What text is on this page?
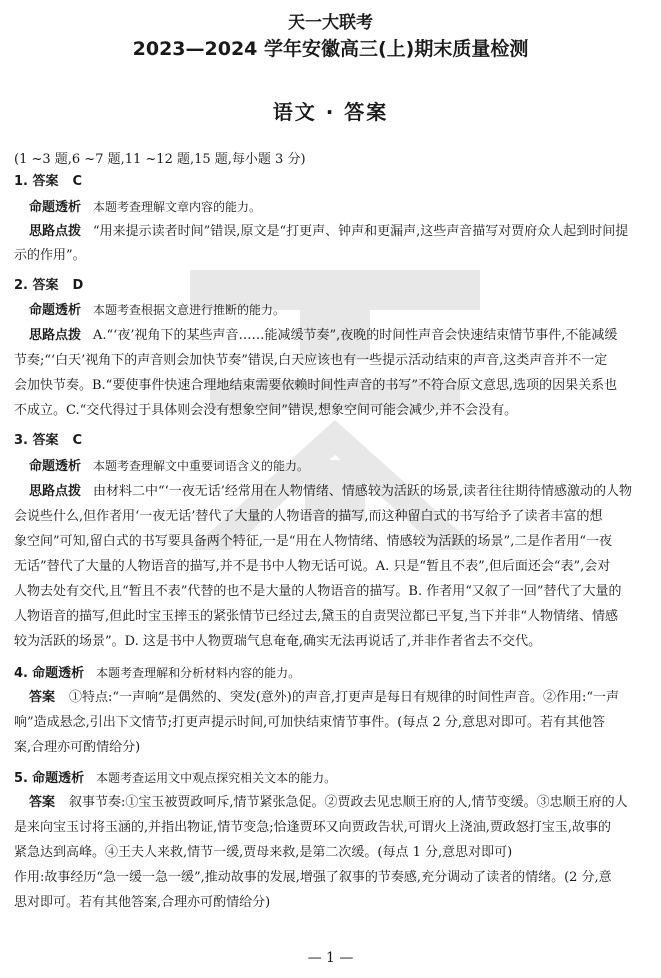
天一大联考
2023—2024 学年安徽高三(上)期末质量检测
语文 · 答案
(1 ~3 题,6 ~7 题,11 ~12 题,15 题,每小题 3 分)
1. 答案 C
命题透析 本题考查理解文章内容的能力。
思路点拨 “用来提示读者时间”错误,原文是“打更声、钟声和更漏声,这些声音描写对贾府众人起到时间提
示的作用”。
2. 答案 D
命题透析 本题考查根据文意进行推断的能力。
思路点拨 A.“‘夜’视角下的某些声音……能减缓节奏”,夜晚的时间性声音会快速结束情节事件,不能减缓
节奏;“‘白天’视角下的声音则会加快节奏”错误,白天应该也有一些提示活动结束的声音,这类声音并不一定
会加快节奏。B.“要使事件快速合理地结束需要依赖时间性声音的书写”不符合原文意思,选项的因果关系也
不成立。C.“交代得过于具体则会没有想象空间”错误,想象空间可能会减少,并不会没有。
3. 答案 C
命题透析 本题考查理解文中重要词语含义的能力。
思路点拨 由材料二中“‘一夜无话’经常用在人物情绪、情感较为活跃的场景,读者往往期待情感激动的人物
会说些什么,但作者用‘一夜无话’替代了大量的人物语音的描写,而这种留白式的书写给予了读者丰富的想
象空间”可知,留白式的书写要具备两个特征,一是“用在人物情绪、情感较为活跃的场景”,二是作者用“一夜
无话”替代了大量的人物语音的描写,并不是书中人物无话可说。A. 只是“暂且不表”,但后面还会“表”,会对
人物去处有交代,且“暂且不表”代替的也不是大量的人物语音的描写。B. 作者用“又叙了一回”替代了大量的
人物语音的描写,但此时宝玉摔玉的紧张情节已经过去,黛玉的自责哭泣都已平复,当下并非“人物情绪、情感
较为活跃的场景”。D. 这是书中人物贾瑞气息奄奄,确实无法再说话了,并非作者省去不交代。
4. 命题透析 本题考查理解和分析材料内容的能力。
答案 ①特点:“一声响”是偶然的、突发(意外)的声音,打更声是每日有规律的时间性声音。②作用:“一声
响”造成悬念,引出下文情节;打更声提示时间,可加快结束情节事件。(每点 2 分,意思对即可。若有其他答
案,合理亦可酌情给分)
5. 命题透析 本题考查运用文中观点探究相关文本的能力。
答案 叙事节奏:①宝玉被贾政呵斥,情节紧张急促。②贾政去见忠顺王府的人,情节变缓。③忠顺王府的人
是来向宝玉讨将玉涵的,并指出物证,情节变急;恰逢贾环又向贾政告状,可谓火上浇油,贾政怒打宝玉,故事的
紧急达到高峰。④王夫人来救,情节一缓,贾母来救,是第二次缓。(每点 1 分,意思对即可)
作用:故事经历“急一缓一急一缓”,推动故事的发展,增强了叙事的节奏感,充分调动了读者的情绪。(2 分,意
思对即可。若有其他答案,合理亦可酌情给分)
— 1 —
